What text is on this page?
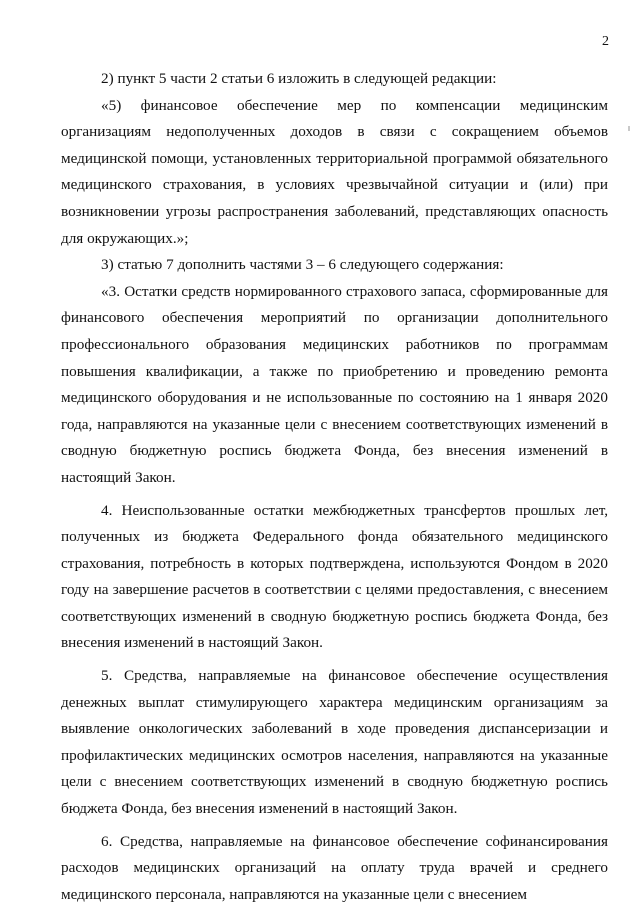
2

2) пункт 5 части 2 статьи 6 изложить в следующей редакции:

«5) финансовое обеспечение мер по компенсации медицинским организациям недополученных доходов в связи с сокращением объемов медицинской помощи, установленных территориальной программой обязательного медицинского страхования, в условиях чрезвычайной ситуации и (или) при возникновении угрозы распространения заболеваний, представляющих опасность для окружающих.»;

3) статью 7 дополнить частями 3 – 6 следующего содержания:

«3. Остатки средств нормированного страхового запаса, сформированные для финансового обеспечения мероприятий по организации дополнительного профессионального образования медицинских работников по программам повышения квалификации, а также по приобретению и проведению ремонта медицинского оборудования и не использованные по состоянию на 1 января 2020 года, направляются на указанные цели с внесением соответствующих изменений в сводную бюджетную роспись бюджета Фонда, без внесения изменений в настоящий Закон.

4. Неиспользованные остатки межбюджетных трансфертов прошлых лет, полученных из бюджета Федерального фонда обязательного медицинского страхования, потребность в которых подтверждена, используются Фондом в 2020 году на завершение расчетов в соответствии с целями предоставления, с внесением соответствующих изменений в сводную бюджетную роспись бюджета Фонда, без внесения изменений в настоящий Закон.

5. Средства, направляемые на финансовое обеспечение осуществления денежных выплат стимулирующего характера медицинским организациям за выявление онкологических заболеваний в ходе проведения диспансеризации и профилактических медицинских осмотров населения, направляются на указанные цели с внесением соответствующих изменений в сводную бюджетную роспись бюджета Фонда, без внесения изменений в настоящий Закон.

6. Средства, направляемые на финансовое обеспечение софинансирования расходов медицинских организаций на оплату труда врачей и среднего медицинского персонала, направляются на указанные цели с внесением
